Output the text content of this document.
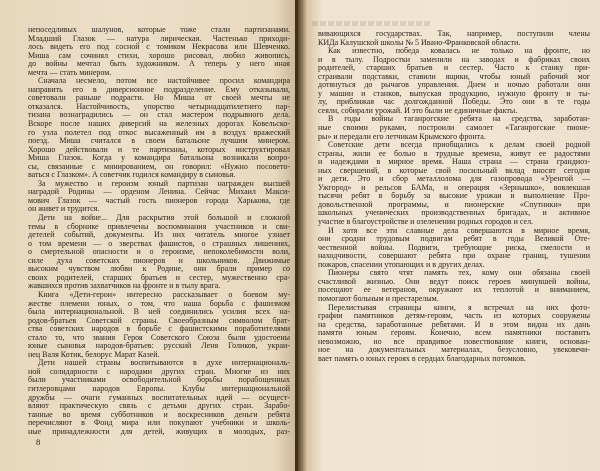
непоседливых шалунов, которые тоже стали партизанами.
Младший Глазок — натура лирическая. Частенько приходи-
лось видеть его под сосной с томиком Некрасова или Шевченко.
Миша сам сочинял стихи, хорошо рисовал, любил живопись,
до войны мечтал быть художником. А теперь у него иная
мечта — стать минером.
Сначала несмело, потом все настойчивее просил командира
направить его в диверсионное подразделение. Ему отказывали,
советовали раньше подрасти. Но Миша от своей мечты не
отказался. Настойчивость, упорство четырнадцатилетнего пар-
тизана вознаградились — он стал мастером подрывного дела.
Вскоре после наших диверсий на железных дорогах Ковельско-
го узла полетел под откос высаженный им в воздух вражеский
поезд. Миша считался в своем батальоне лучшим минером.
Хорошо действовали и те партизаны, которых инструктировал
Миша Глазок. Когда у командира батальона возникали вопро-
сы, связанные с минированием, он говорил: «Нужно посовето-
ваться с Глазком». А советчик годился командиру в сыновья.
За мужество и героизм юный партизан награжден высшей
наградой Родины — орденом Ленина. Сейчас Михаил Макси-
мович Глазок — частый гость пионеров города Харькова, где
он живет и трудится.
Дети на войне... Для раскрытия этой большой и сложной
темы в сборнике привлечены воспоминания участников и сви-
детелей событий, документы. Из них читатель многое узнает
о том времени — о зверствах фашистов, о страшных лишениях,
о смертельной опасности и о героизме, непоколебимости воли,
силе духа советских пионеров и школьников. Движимые
высоким чувством любви к Родине, они брали пример со
своих родителей, старших братьев и сестер, мужественно сра-
жавшихся против захватчиков на фронте и в тылу врага.
Книга «Дети-герои» интересно рассказывает о боевом му-
жестве племени юных, о том, что наша борьба с фашизмом
была интернациональной. В ней соединились усилия всех на-
родов-братьев Советской страны. Своеобразным символом брат-
ства советских народов в борьбе с фашистскими поработителями
стало то, что звания Героя Советского Союза были удостоены
юные сыновья народов-братьев: русский Леня Голиков, украи-
нец Валя Котик, белорус Марат Казей.
Дети нашей страны воспитываются в духе интернациональ-
ной солидарности с народами других стран. Многие из них
были участниками освободительной борьбы порабощенных
гитлеровцами народов Европы. Клубы интернациональной
дружбы — очаги гуманных воспитательных идей — осущест-
вляют практическую связь с детьми других стран. Зарабо-
танные во время субботников и воскресников деньги ребята
перечисляют в Фонд мира или покупают учебники и школь-
ные принадлежности для детей, живущих в молодых, раз-
8
вивающихся государствах. Так, например, поступили члены
КИДа Калушской школы № 5 Ивано-Франковской области.
Как известно, победа ковалась не только на фронте, но
и в тылу. Подростки заменили на заводах и фабриках своих
родителей, старших братьев и сестер. Часто к станку при-
страивали подставки, ставили ящики, чтобы юный рабочий мог
дотянуться до рычагов управления. Днем и ночью работали они
у машин и станков, выпуская продукцию, нужную фронту и ты-
лу, приближая час долгожданной Победы. Это они в те годы
сеяли, собирали урожай. И это были не единичные факты.
В годы войны таганрогские ребята на средства, заработан-
ные своими руками, построили самолет «Таганрогские пионе-
ры» и передали его летчикам Крымского фронта.
Советские дети всегда приобщались к делам своей родной
страны, жили ее болью в трудные времена, живут ее радостями
и надеждами в мирное время. Наша страна — страна грандиоз-
ных свершений, в которые свой посильный вклад вносят сегодня
и дети. Это и сбор металлолома для газопровода «Уренгой —
Ужгород» и рельсов БАМа, и операция «Зернышко», вовлекшая
тысячи ребят в борьбу за высокие урожаи и выполнение Про-
довольственной программы, и пионерские «Спутники» при
школьных ученических производственных бригадах, и активное
участие в благоустройстве и озеленении родных городов и сел.
И хотя все эти славные дела совершаются в мирное время,
они сродни трудовым подвигам ребят в годы Великой Оте-
чественной войны. Подвиги, требующие риска, смелости и
находчивости, совершают ребята при охране границ, тушении
пожаров, спасении утопающих и в других делах.
Пионеры свято чтят память тех, кому они обязаны своей
счастливой жизнью. Они ведут поиск героев минувшей войны,
посещают ее ветеранов, окружают их теплотой и вниманием,
помогают больным и престарелым.
Перелистывая страницы книги, я встречал на них фото-
графии памятников детям-героям, часть из которых сооружены
на средства, заработанные ребятами. И в этом видна их дань
памяти юным героям. Конечно, всем памятники поставить
невозможно, но все правдивое повествование книги, основан-
ное на документальных материалах, безусловно, увековечи-
вает память о юных героях в сердцах благодарных потомков.
